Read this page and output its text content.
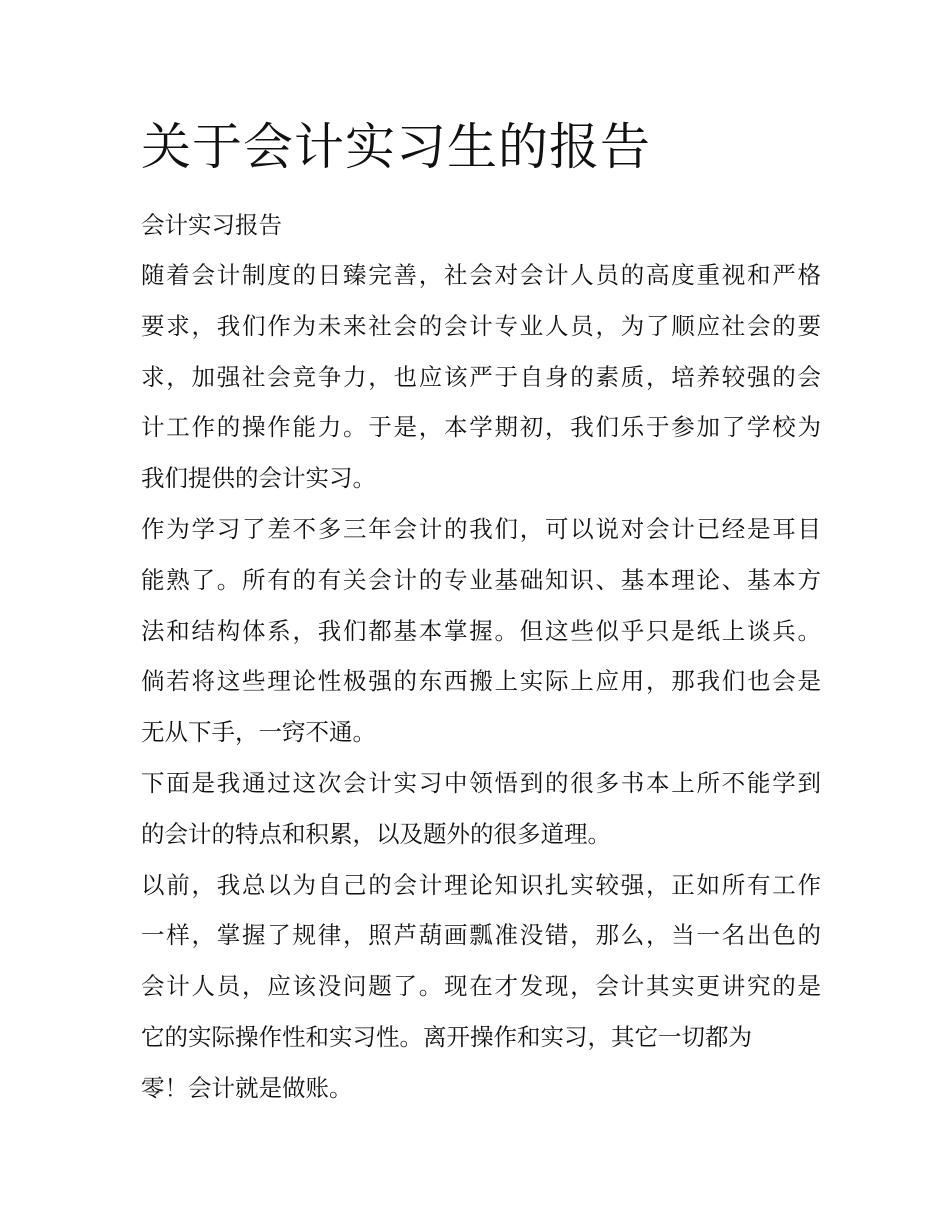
关于会计实习生的报告
会计实习报告

随着会计制度的日臻完善，社会对会计人员的高度重视和严格
要求，我们作为未来社会的会计专业人员，为了顺应社会的要
求，加强社会竞争力，也应该严于自身的素质，培养较强的会
计工作的操作能力。于是，本学期初，我们乐于参加了学校为
我们提供的会计实习。

作为学习了差不多三年会计的我们，可以说对会计已经是耳目
能熟了。所有的有关会计的专业基础知识、基本理论、基本方
法和结构体系，我们都基本掌握。但这些似乎只是纸上谈兵。
倘若将这些理论性极强的东西搬上实际上应用，那我们也会是
无从下手，一窍不通。

下面是我通过这次会计实习中领悟到的很多书本上所不能学到
的会计的特点和积累，以及题外的很多道理。

以前，我总以为自己的会计理论知识扎实较强，正如所有工作
一样，掌握了规律，照芦葫画瓢准没错，那么，当一名出色的
会计人员，应该没问题了。现在才发现，会计其实更讲究的是
它的实际操作性和实习性。离开操作和实习，其它一切都为
零！会计就是做账。
